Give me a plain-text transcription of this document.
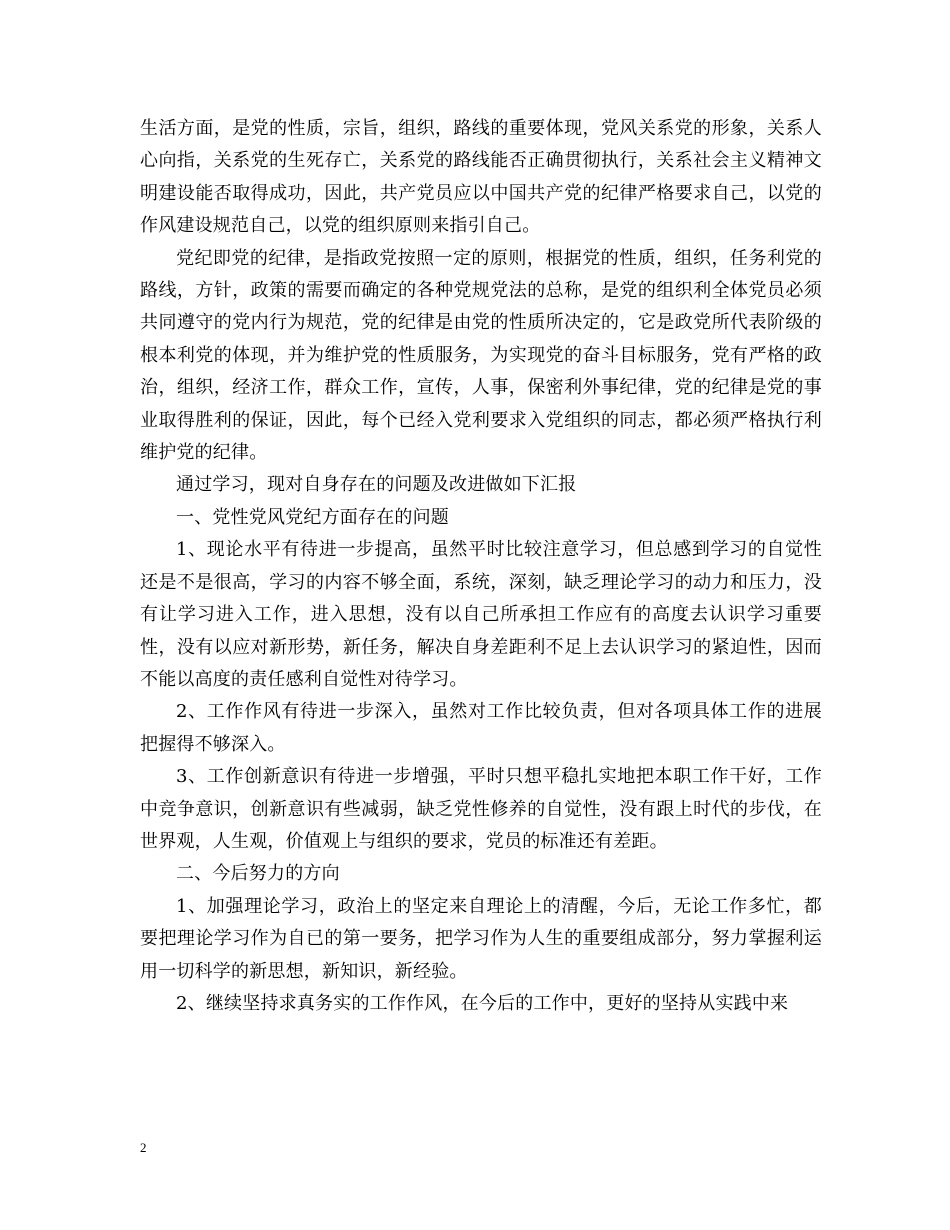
生活方面，是党的性质，宗旨，组织，路线的重要体现，党风关系党的形象，关系人心向指，关系党的生死存亡，关系党的路线能否正确贯彻执行，关系社会主义精神文明建设能否取得成功，因此，共产党员应以中国共产党的纪律严格要求自己，以党的作风建设规范自己，以党的组织原则来指引自己。

党纪即党的纪律，是指政党按照一定的原则，根据党的性质，组织，任务利党的路线，方针，政策的需要而确定的各种党规党法的总称，是党的组织利全体党员必须共同遵守的党内行为规范，党的纪律是由党的性质所决定的，它是政党所代表阶级的根本利党的体现，并为维护党的性质服务，为实现党的奋斗目标服务，党有严格的政治，组织，经济工作，群众工作，宣传，人事，保密利外事纪律，党的纪律是党的事业取得胜利的保证，因此，每个已经入党利要求入党组织的同志，都必须严格执行利维护党的纪律。

通过学习，现对自身存在的问题及改进做如下汇报

一、党性党风党纪方面存在的问题

1、现论水平有待进一步提高，虽然平时比较注意学习，但总感到学习的自觉性还是不是很高，学习的内容不够全面，系统，深刻，缺乏理论学习的动力和压力，没有让学习进入工作，进入思想，没有以自己所承担工作应有的高度去认识学习重要性，没有以应对新形势，新任务，解决自身差距利不足上去认识学习的紧迫性，因而不能以高度的责任感利自觉性对待学习。

2、工作作风有待进一步深入，虽然对工作比较负责，但对各项具体工作的进展把握得不够深入。

3、工作创新意识有待进一步增强，平时只想平稳扎实地把本职工作干好，工作中竞争意识，创新意识有些减弱，缺乏党性修养的自觉性，没有跟上时代的步伐，在世界观，人生观，价值观上与组织的要求，党员的标准还有差距。

二、今后努力的方向

1、加强理论学习，政治上的坚定来自理论上的清醒，今后，无论工作多忙，都要把理论学习作为自已的第一要务，把学习作为人生的重要组成部分，努力掌握利运用一切科学的新思想，新知识，新经验。

2、继续坚持求真务实的工作作风，在今后的工作中，更好的坚持从实践中来

2
